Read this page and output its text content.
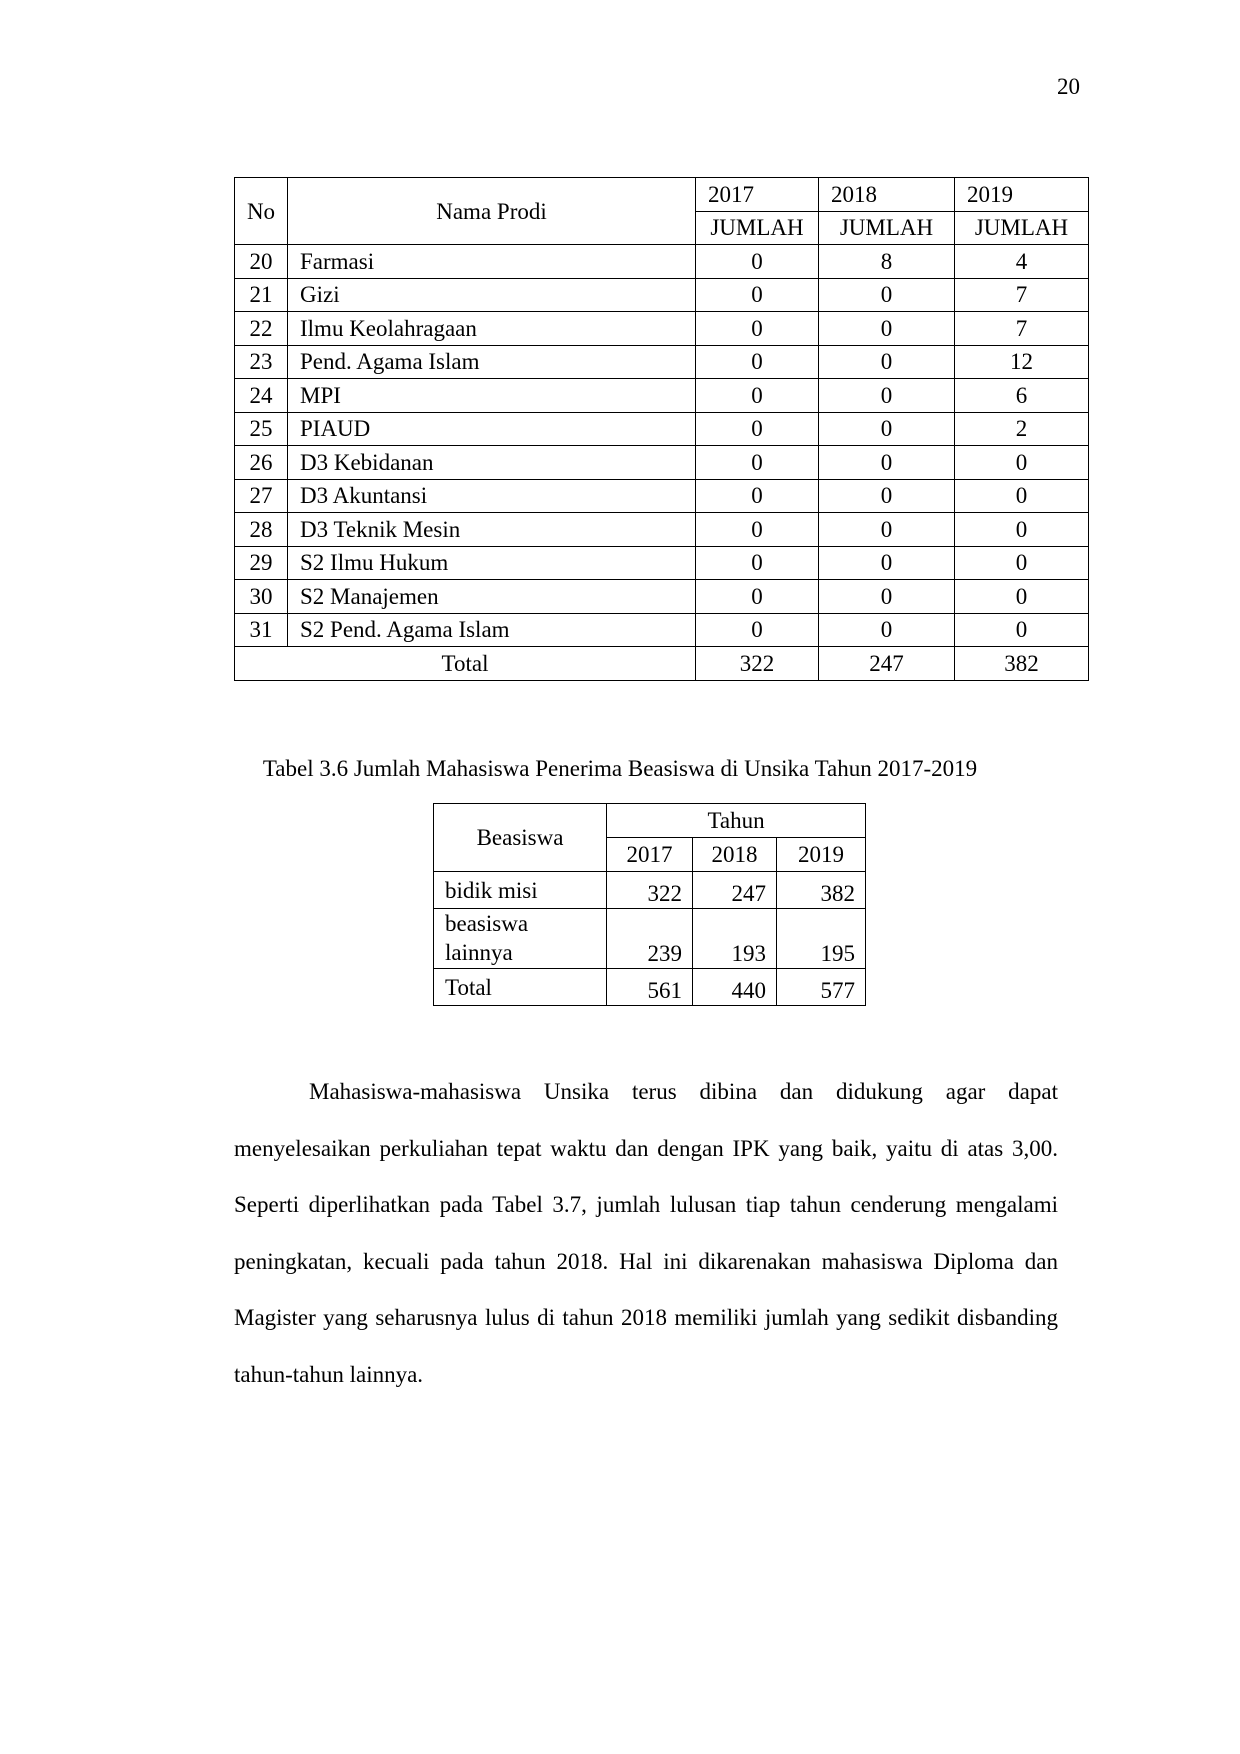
20
No	Nama Prodi	2017	2018	2019
		JUMLAH	JUMLAH	JUMLAH
20	Farmasi	0	8	4
21	Gizi	0	0	7
22	Ilmu Keolahragaan	0	0	7
23	Pend. Agama Islam	0	0	12
24	MPI	0	0	6
25	PIAUD	0	0	2
26	D3 Kebidanan	0	0	0
27	D3 Akuntansi	0	0	0
28	D3 Teknik Mesin	0	0	0
29	S2 Ilmu Hukum	0	0	0
30	S2 Manajemen	0	0	0
31	S2 Pend. Agama Islam	0	0	0
Total		322	247	382
Tabel 3.6 Jumlah Mahasiswa Penerima Beasiswa di Unsika Tahun 2017-2019
Beasiswa	Tahun		
	2017	2018	2019
bidik misi	322	247	382

beasiswa
lainnya	239	193	195
Total	561	440	577

Mahasiswa-mahasiswa Unsika terus dibina dan didukung agar dapat menyelesaikan perkuliahan tepat waktu dan dengan IPK yang baik, yaitu di atas 3,00. Seperti diperlihatkan pada Tabel 3.7, jumlah lulusan tiap tahun cenderung mengalami peningkatan, kecuali pada tahun 2018. Hal ini dikarenakan mahasiswa Diploma dan Magister yang seharusnya lulus di tahun 2018 memiliki jumlah yang sedikit disbanding tahun-tahun lainnya.
